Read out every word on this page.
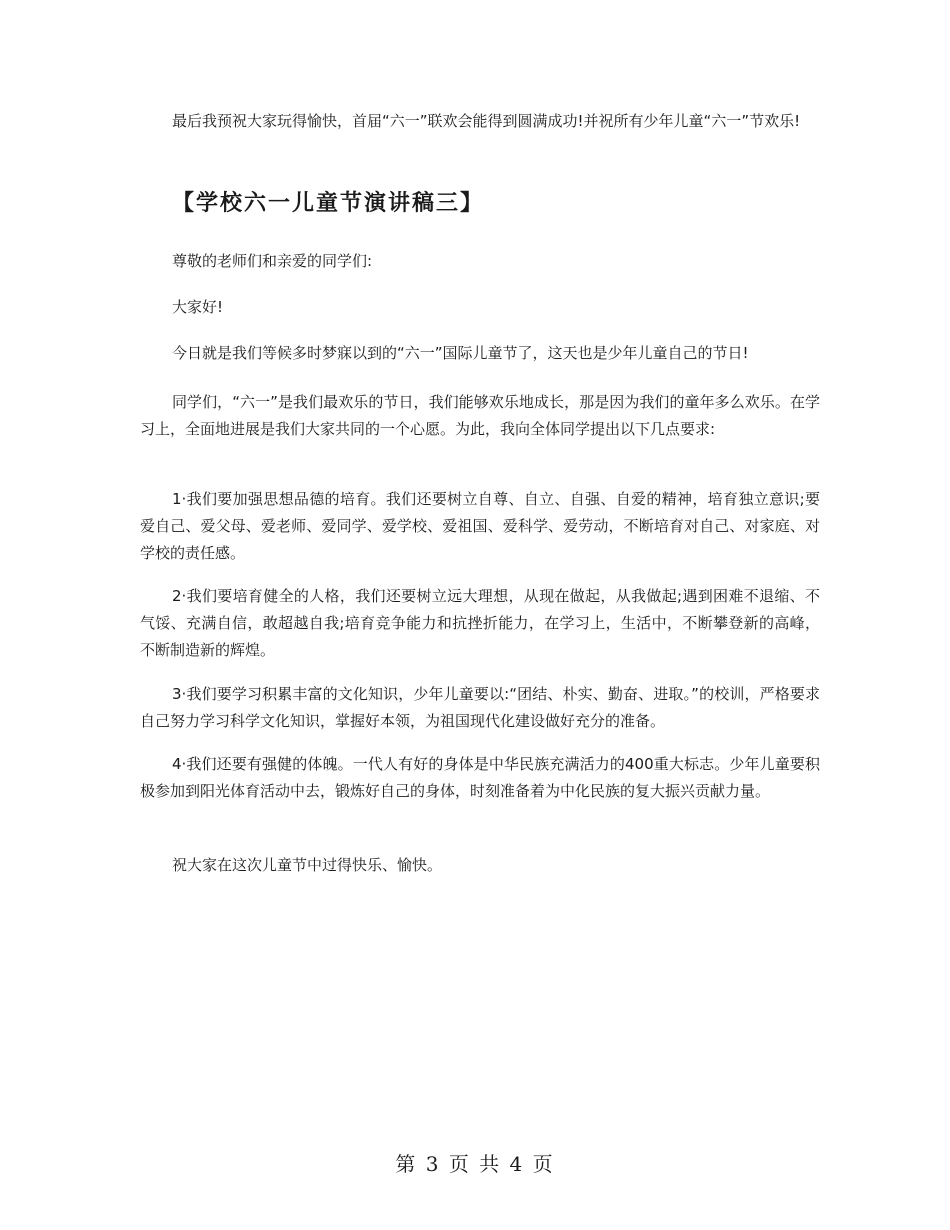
最后我预祝大家玩得愉快，首届“六一”联欢会能得到圆满成功!并祝所有少年儿童“六一”节欢乐!

【学校六一儿童节演讲稿三】

尊敬的老师们和亲爱的同学们:

大家好!

今日就是我们等候多时梦寐以到的“六一”国际儿童节了，这天也是少年儿童自己的节日!

同学们，“六一”是我们最欢乐的节日，我们能够欢乐地成长，那是因为我们的童年多么欢乐。在学习上，全面地进展是我们大家共同的一个心愿。为此，我向全体同学提出以下几点要求:

1·我们要加强思想品德的培育。我们还要树立自尊、自立、自强、自爱的精神，培育独立意识;要爱自己、爱父母、爱老师、爱同学、爱学校、爱祖国、爱科学、爱劳动，不断培育对自己、对家庭、对学校的责任感。

2·我们要培育健全的人格，我们还要树立远大理想，从现在做起，从我做起;遇到困难不退缩、不气馁、充满自信，敢超越自我;培育竞争能力和抗挫折能力，在学习上，生活中，不断攀登新的高峰，不断制造新的辉煌。

3·我们要学习积累丰富的文化知识，少年儿童要以:“团结、朴实、勤奋、进取。”的校训，严格要求自己努力学习科学文化知识，掌握好本领，为祖国现代化建设做好充分的准备。

4·我们还要有强健的体魄。一代人有好的身体是中华民族充满活力的400重大标志。少年儿童要积极参加到阳光体育活动中去，锻炼好自己的身体，时刻准备着为中化民族的复大振兴贡献力量。

祝大家在这次儿童节中过得快乐、愉快。

第 3 页 共 4 页
